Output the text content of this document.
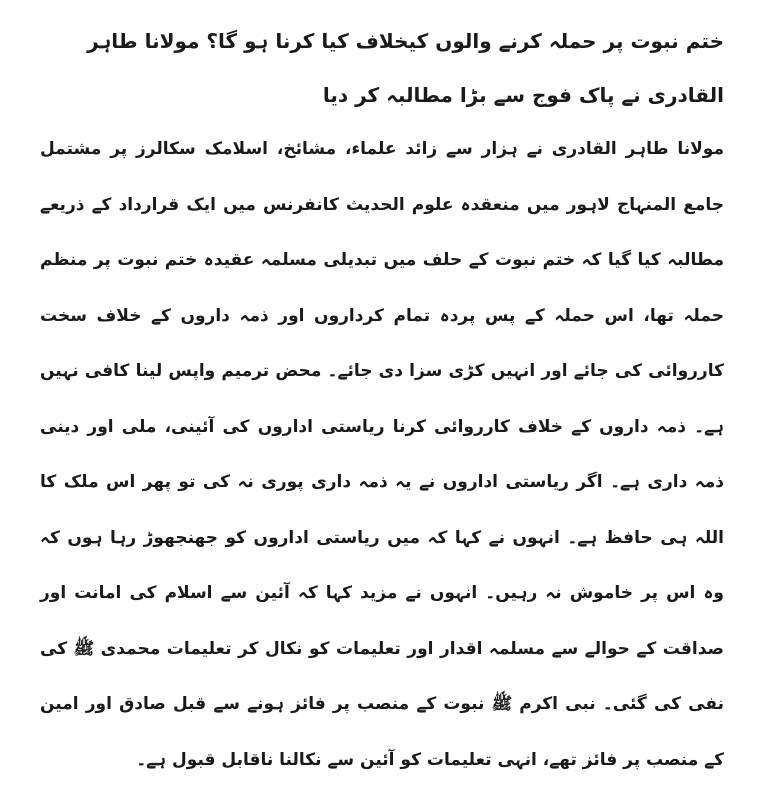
ختم نبوت پر حملہ کرنے والوں کیخلاف کیا کرنا ہو گا؟ مولانا طاہر القادری نے پاک فوج سے بڑا مطالبہ کر دیا

مولانا طاہر القادری نے ہزار سے زائد علماء، مشائخ، اسلامک سکالرز پر مشتمل جامع المنہاج لاہور میں منعقدہ علوم الحدیث کانفرنس میں ایک قرارداد کے ذریعے مطالبہ کیا گیا کہ ختم نبوت کے حلف میں تبدیلی مسلمہ عقیدہ ختم نبوت پر منظم حملہ تھا، اس حملہ کے پس پردہ تمام کرداروں اور ذمہ داروں کے خلاف سخت کارروائی کی جائے اور انہیں کڑی سزا دی جائے۔ محض ترمیم واپس لینا کافی نہیں ہے۔ ذمہ داروں کے خلاف کارروائی کرنا ریاستی اداروں کی آئینی، ملی اور دینی ذمہ داری ہے۔ اگر ریاستی اداروں نے یہ ذمہ داری پوری نہ کی تو پھر اس ملک کا اللہ ہی حافظ ہے۔ انہوں نے کہا کہ میں ریاستی اداروں کو جھنجھوڑ رہا ہوں کہ وہ اس پر خاموش نہ رہیں۔ انہوں نے مزید کہا کہ آئین سے اسلام کی امانت اور صداقت کے حوالے سے مسلمہ اقدار اور تعلیمات کو نکال کر تعلیمات محمدی ﷺ کی نفی کی گئی۔ نبی اکرم ﷺ نبوت کے منصب پر فائز ہونے سے قبل صادق اور امین کے منصب پر فائز تھے، انہی تعلیمات کو آئین سے نکالنا ناقابل قبول ہے۔
